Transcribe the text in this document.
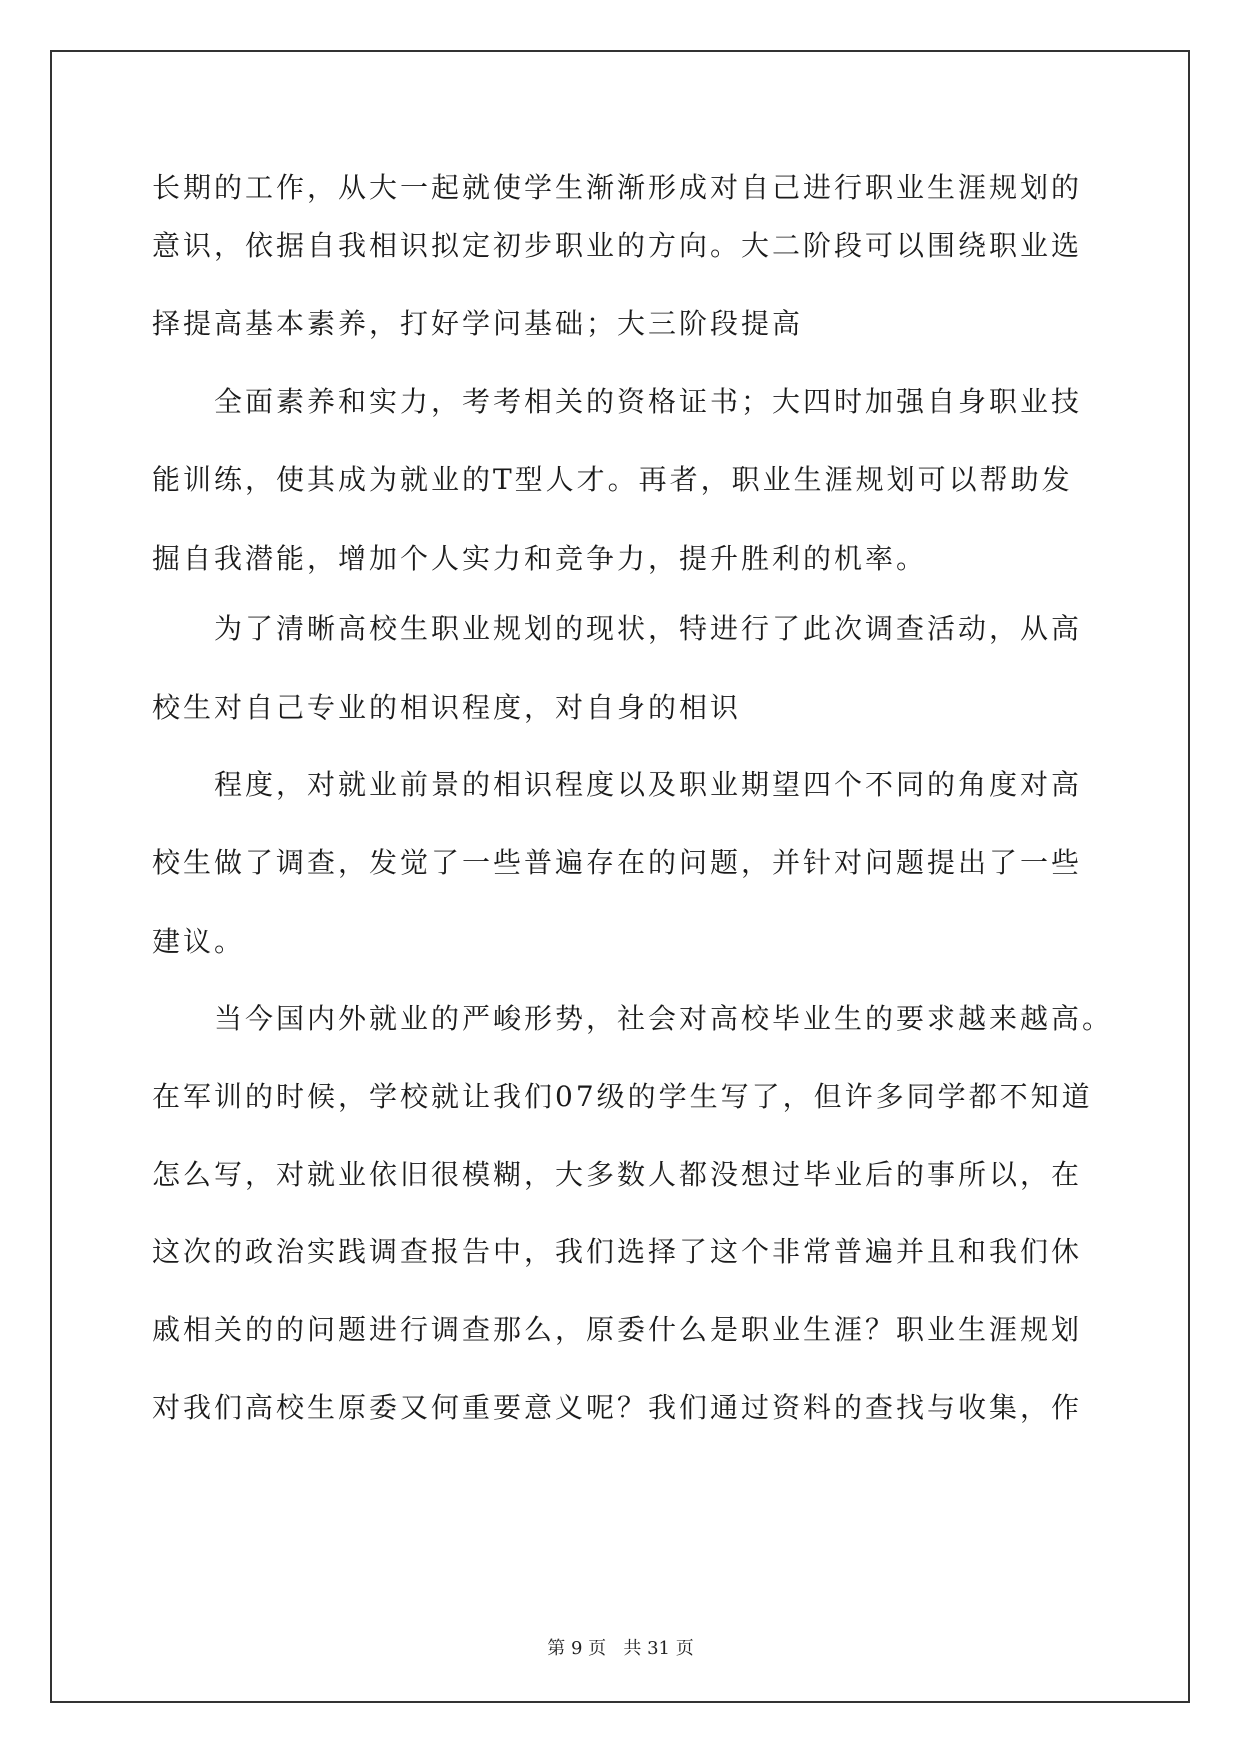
长期的工作，从大一起就使学生渐渐形成对自己进行职业生涯规划的
意识，依据自我相识拟定初步职业的方向。大二阶段可以围绕职业选
择提高基本素养，打好学问基础；大三阶段提高
全面素养和实力，考考相关的资格证书；大四时加强自身职业技
能训练，使其成为就业的T型人才。再者，职业生涯规划可以帮助发
掘自我潜能，增加个人实力和竞争力，提升胜利的机率。
为了清晰高校生职业规划的现状，特进行了此次调查活动，从高
校生对自己专业的相识程度，对自身的相识
程度，对就业前景的相识程度以及职业期望四个不同的角度对高
校生做了调查，发觉了一些普遍存在的问题，并针对问题提出了一些
建议。
当今国内外就业的严峻形势，社会对高校毕业生的要求越来越高。
在军训的时候，学校就让我们07级的学生写了，但许多同学都不知道
怎么写，对就业依旧很模糊，大多数人都没想过毕业后的事所以，在
这次的政治实践调查报告中，我们选择了这个非常普遍并且和我们休
戚相关的的问题进行调查那么，原委什么是职业生涯？职业生涯规划
对我们高校生原委又何重要意义呢？我们通过资料的查找与收集，作
第 9 页 共 31 页
